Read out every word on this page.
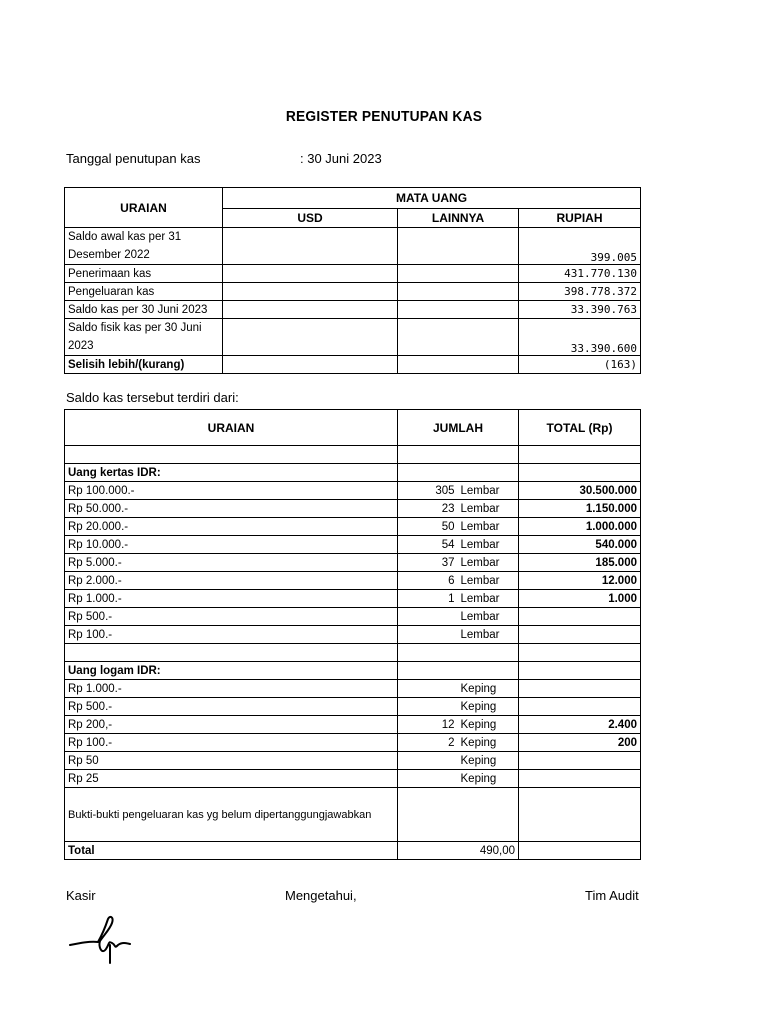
REGISTER PENUTUPAN KAS
Tanggal penutupan kas	: 30 Juni 2023
URAIAN	MATA UANG		
	USD	LAINNYA	RUPIAH
Saldo awal kas per 31 Desember 2022			399.005
Penerimaan kas			431.770.130
Pengeluaran kas			398.778.372
Saldo kas per 30 Juni 2023			33.390.763
Saldo fisik kas per 30 Juni 2023			33.390.600
Selisih lebih/(kurang)			(163)
Saldo kas tersebut terdiri dari:
URAIAN	JUMLAH		TOTAL (Rp)

Uang kertas IDR:			
Rp 100.000.-	305	Lembar	30.500.000
Rp 50.000.-	23	Lembar	1.150.000
Rp 20.000.-	50	Lembar	1.000.000
Rp 10.000.-	54	Lembar	540.000
Rp 5.000.-	37	Lembar	185.000
Rp 2.000.-	6	Lembar	12.000
Rp 1.000.-	1	Lembar	1.000
Rp 500.-		Lembar	
Rp 100.-		Lembar	

Uang logam IDR:			
Rp 1.000.-		Keping	
Rp 500.-		Keping	
Rp 200,-	12	Keping	2.400
Rp 100.-	2	Keping	200
Rp 50		Keping	
Rp 25		Keping	
Bukti-bukti pengeluaran kas yg belum dipertanggungjawabkan			
Total	490,00		
Kasir	Mengetahui,	Tim Audit
